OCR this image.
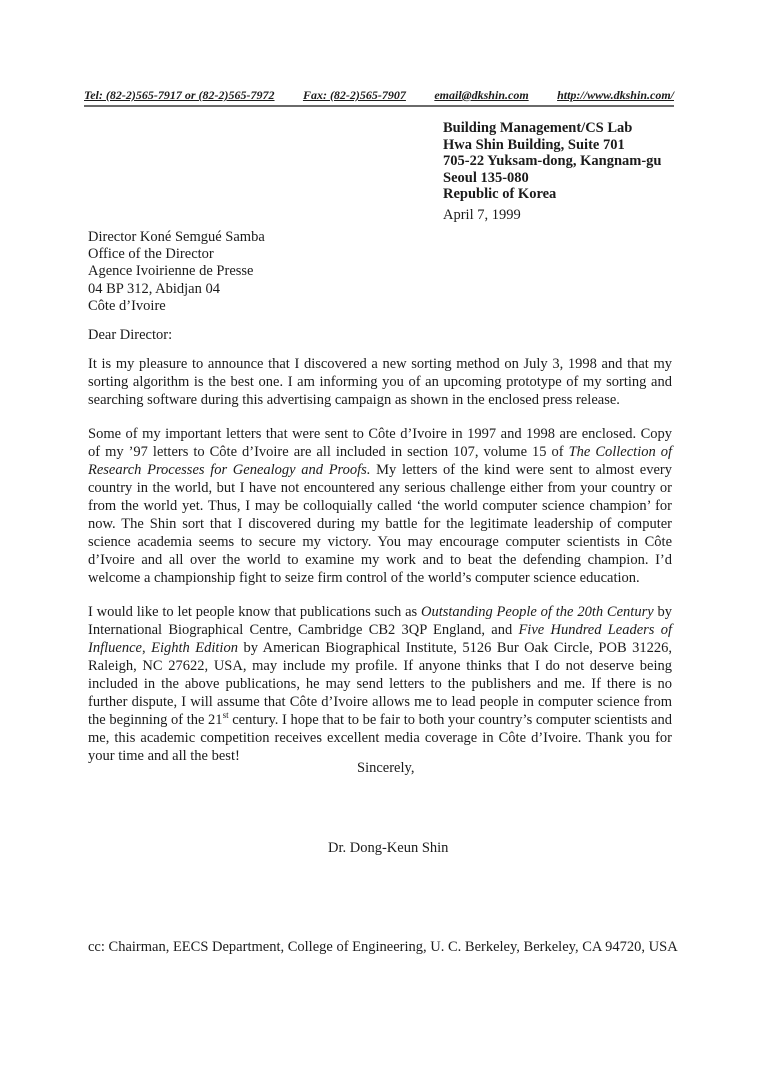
Tel: (82-2)565-7917 or (82-2)565-7972 Fax: (82-2)565-7907 email@dkshin.com http://www.dkshin.com/
Building Management/CS Lab
Hwa Shin Building, Suite 701
705-22 Yuksam-dong, Kangnam-gu
Seoul 135-080
Republic of Korea
April 7, 1999
Director Koné Semgué Samba
Office of the Director
Agence Ivoirienne de Presse
04 BP 312, Abidjan 04
Côte d’Ivoire
Dear Director:

It is my pleasure to announce that I discovered a new sorting method on July 3, 1998 and that my sorting algorithm is the best one. I am informing you of an upcoming prototype of my sorting and searching software during this advertising campaign as shown in the enclosed press release.

Some of my important letters that were sent to Côte d’Ivoire in 1997 and 1998 are enclosed. Copy of my ’97 letters to Côte d’Ivoire are all included in section 107, volume 15 of The Collection of Research Processes for Genealogy and Proofs. My letters of the kind were sent to almost every country in the world, but I have not encountered any serious challenge either from your country or from the world yet. Thus, I may be colloquially called ‘the world computer science champion’ for now. The Shin sort that I discovered during my battle for the legitimate leadership of computer science academia seems to secure my victory. You may encourage computer scientists in Côte d’Ivoire and all over the world to examine my work and to beat the defending champion. I’d welcome a championship fight to seize firm control of the world’s computer science education.

I would like to let people know that publications such as Outstanding People of the 20th Century by International Biographical Centre, Cambridge CB2 3QP England, and Five Hundred Leaders of Influence, Eighth Edition by American Biographical Institute, 5126 Bur Oak Circle, POB 31226, Raleigh, NC 27622, USA, may include my profile. If anyone thinks that I do not deserve being included in the above publications, he may send letters to the publishers and me. If there is no further dispute, I will assume that Côte d’Ivoire allows me to lead people in computer science from the beginning of the 21st century. I hope that to be fair to both your country’s computer scientists and me, this academic competition receives excellent media coverage in Côte d’Ivoire. Thank you for your time and all the best!

Sincerely,
Dr. Dong-Keun Shin
cc: Chairman, EECS Department, College of Engineering, U. C. Berkeley, Berkeley, CA 94720, USA
